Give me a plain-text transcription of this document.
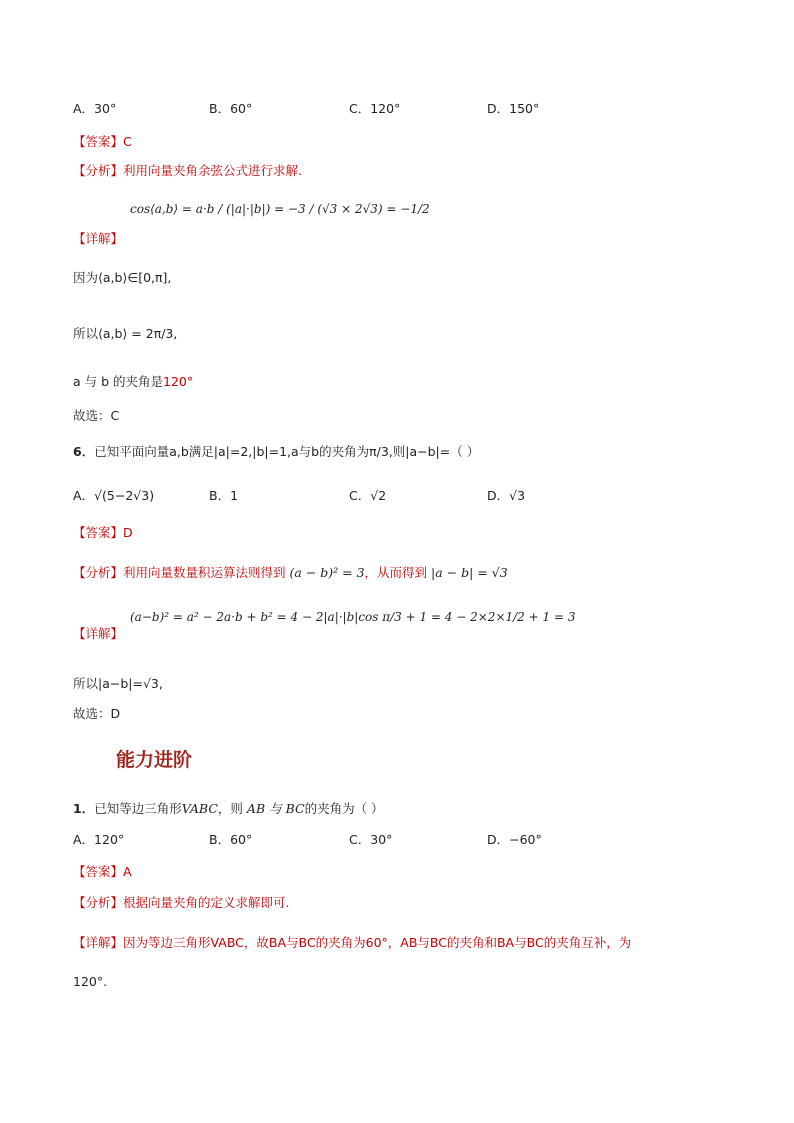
A．30°	B．60°	C．120°	D．150°
【答案】C
【分析】利用向量夹角余弦公式进行求解.
【详解】
cos⟨a,b⟩ = a·b / (|a|·|b|) = −3 / (√3 × 2√3) = −1/2
因为⟨a,b⟩∈[0,π],
所以⟨a,b⟩ = 2π/3,
a 与 b 的夹角是120°
故选：C
6．已知平面向量a,b满足|a|=2,|b|=1,a与b的夹角为π/3,则|a−b|=（ ）
A．√(5−2√3)	B．1	C．√2	D．√3
【答案】D
【分析】利用向量数量积运算法则得到 (a − b)² = 3，从而得到 |a − b| = √3
【详解】
(a−b)² = a² − 2a·b + b² = 4 − 2|a|·|b|cos π/3 + 1 = 4 − 2×2×1/2 + 1 = 3
所以|a−b|=√3,
故选：D
能力进阶
1．已知等边三角形VABC，则 AB 与 BC的夹角为（ ）
A．120°	B．60°	C．30°	D．−60°
【答案】A
【分析】根据向量夹角的定义求解即可.
【详解】因为等边三角形VABC，故BA与BC的夹角为60°，AB与BC的夹角和BA与BC的夹角互补，为
120°.
